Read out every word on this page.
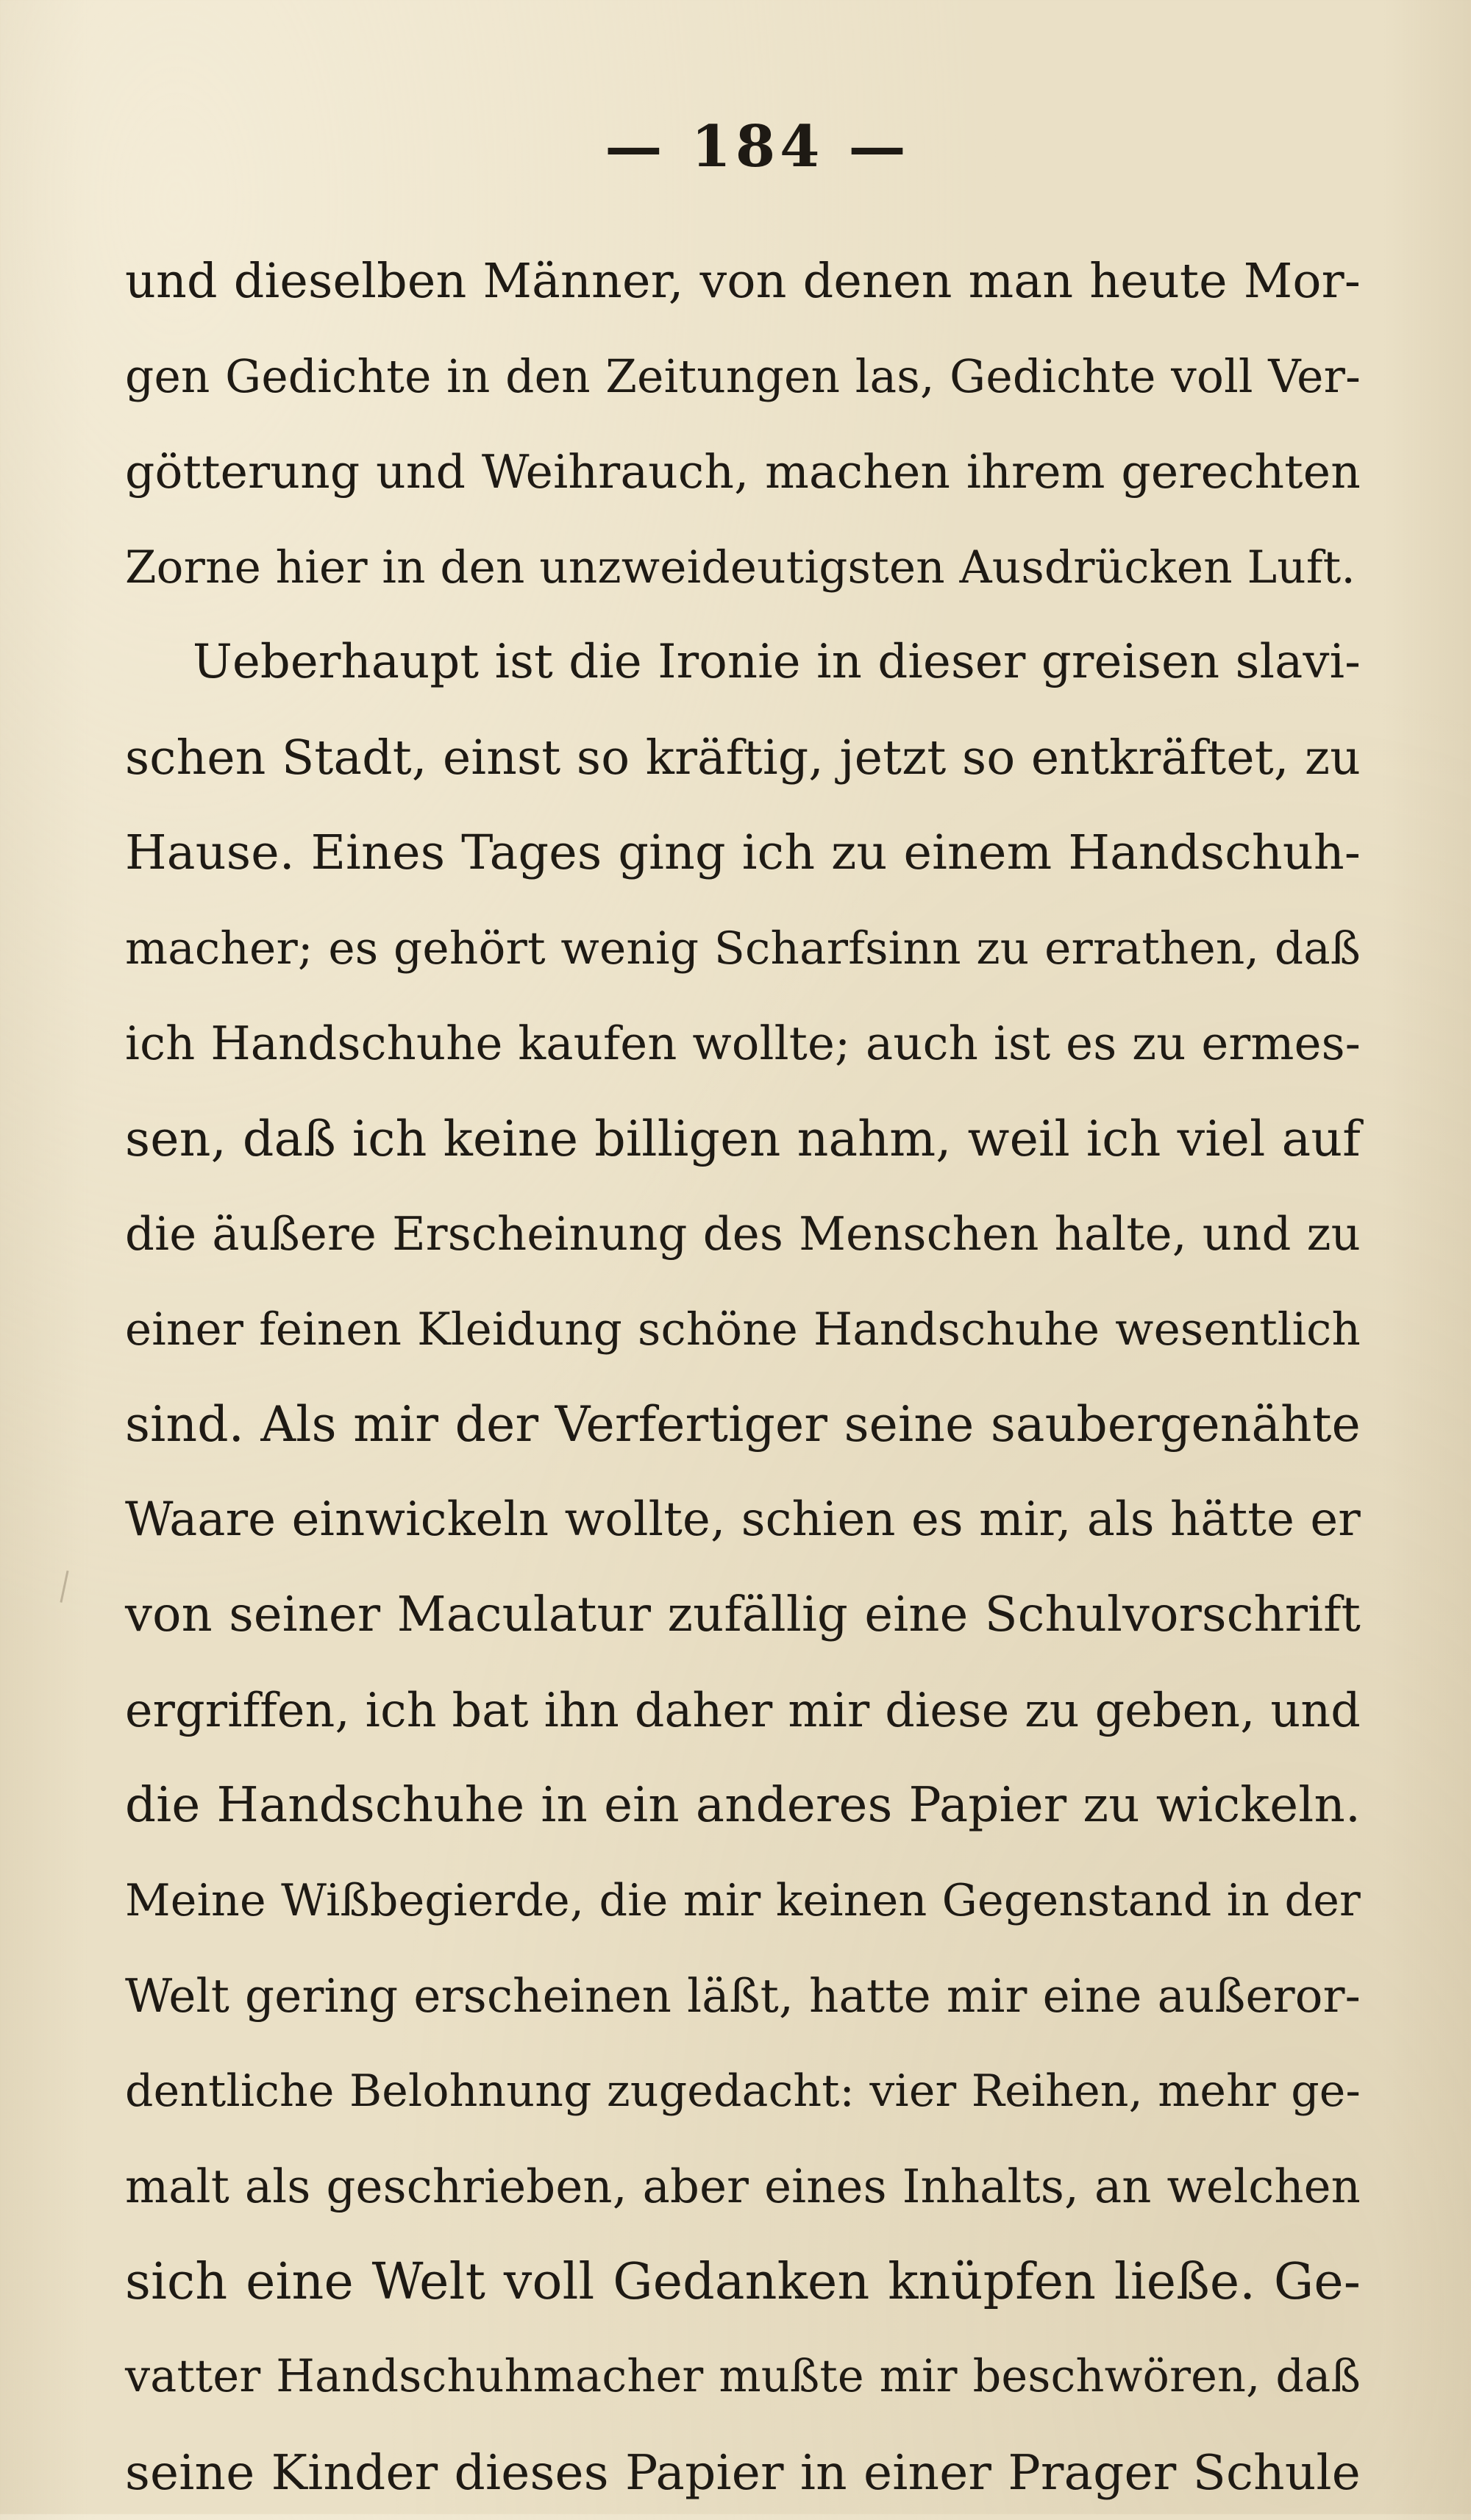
— 184 —
und dieselben Männer, von denen man heute Mor-
gen Gedichte in den Zeitungen las, Gedichte voll Ver-
götterung und Weihrauch, machen ihrem gerechten
Zorne hier in den unzweideutigsten Ausdrücken Luft.
Ueberhaupt ist die Ironie in dieser greisen slavi-
schen Stadt, einst so kräftig, jetzt so entkräftet, zu
Hause. Eines Tages ging ich zu einem Handschuh-
macher; es gehört wenig Scharfsinn zu errathen, daß
ich Handschuhe kaufen wollte; auch ist es zu ermes-
sen, daß ich keine billigen nahm, weil ich viel auf
die äußere Erscheinung des Menschen halte, und zu
einer feinen Kleidung schöne Handschuhe wesentlich
sind. Als mir der Verfertiger seine saubergenähte
Waare einwickeln wollte, schien es mir, als hätte er
von seiner Maculatur zufällig eine Schulvorschrift
ergriffen, ich bat ihn daher mir diese zu geben, und
die Handschuhe in ein anderes Papier zu wickeln.
Meine Wißbegierde, die mir keinen Gegenstand in der
Welt gering erscheinen läßt, hatte mir eine außeror-
dentliche Belohnung zugedacht: vier Reihen, mehr ge-
malt als geschrieben, aber eines Inhalts, an welchen
sich eine Welt voll Gedanken knüpfen ließe. Ge-
vatter Handschuhmacher mußte mir beschwören, daß
seine Kinder dieses Papier in einer Prager Schule
